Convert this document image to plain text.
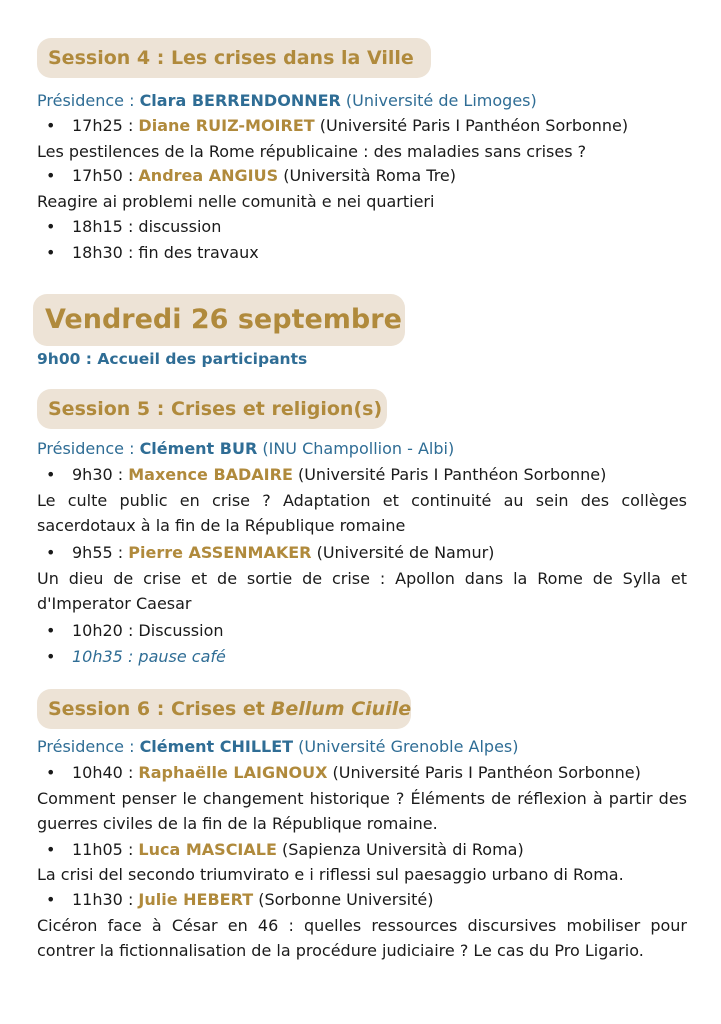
Session 4 : Les crises dans la Ville
Présidence : Clara BERRENDONNER (Université de Limoges)
• 17h25 : Diane RUIZ-MOIRET (Université Paris I Panthéon Sorbonne)
Les pestilences de la Rome républicaine : des maladies sans crises ?
• 17h50 : Andrea ANGIUS (Università Roma Tre)
Reagire ai problemi nelle comunità e nei quartieri
• 18h15 : discussion
• 18h30 : fin des travaux
Vendredi 26 septembre
9h00 : Accueil des participants
Session 5 : Crises et religion(s)
Présidence : Clément BUR (INU Champollion - Albi)
• 9h30 : Maxence BADAIRE (Université Paris I Panthéon Sorbonne)
Le culte public en crise ? Adaptation et continuité au sein des collèges sacerdotaux à la fin de la République romaine
• 9h55 : Pierre ASSENMAKER (Université de Namur)
Un dieu de crise et de sortie de crise : Apollon dans la Rome de Sylla et d'Imperator Caesar
• 10h20 : Discussion
• 10h35 : pause café
Session 6 : Crises et Bellum Ciuile
Présidence : Clément CHILLET (Université Grenoble Alpes)
• 10h40 : Raphaëlle LAIGNOUX (Université Paris I Panthéon Sorbonne)
Comment penser le changement historique ? Éléments de réflexion à partir des guerres civiles de la fin de la République romaine.
• 11h05 : Luca MASCIALE (Sapienza Università di Roma)
La crisi del secondo triumvirato e i riflessi sul paesaggio urbano di Roma.
• 11h30 : Julie HEBERT (Sorbonne Université)
Cicéron face à César en 46 : quelles ressources discursives mobiliser pour contrer la fictionnalisation de la procédure judiciaire ? Le cas du Pro Ligario.
